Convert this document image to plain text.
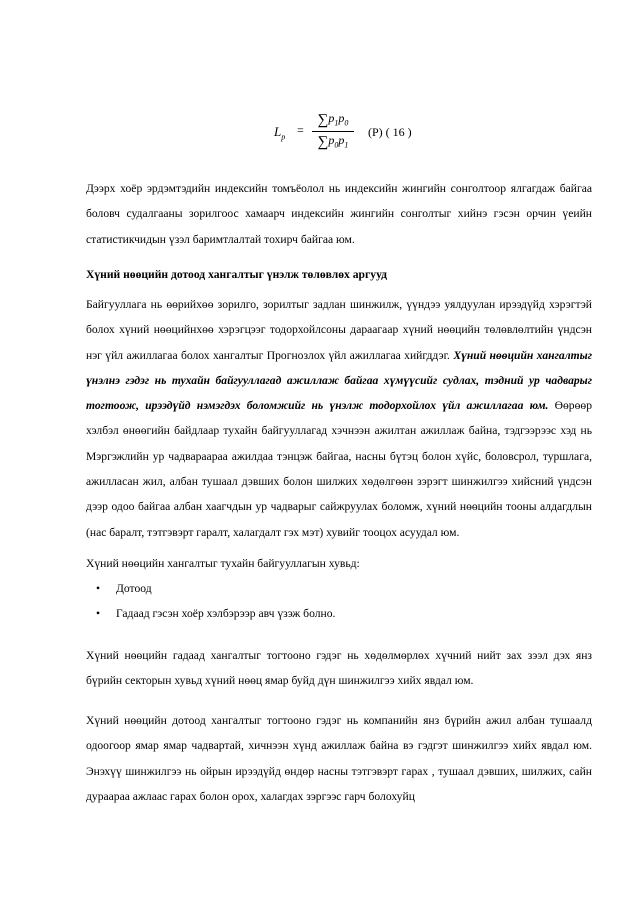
$L_p$
=
$\sum p_1p_0$
$\sum p_0p_1$
(P) ( 16 )

Дээрх хоёр эрдэмтэдийн индексийн томъёолол нь индексийн жингийн сонголтоор ялгагдаж байгаа боловч судалгааны зорилгоос хамаарч индексийн жингийн сонголтыг хийнэ гэсэн орчин үеийн статистикчидын үзэл баримтлалтай тохирч байгаа юм.

Хүний нөөцийн дотоод хангалтыг үнэлж төлөвлөх аргууд

Байгууллага нь өөрийхөө зорилго, зорилтыг задлан шинжилж, үүндээ уялдуулан ирээдүйд хэрэгтэй болох хүний нөөцийнхөө хэрэгцээг тодорхойлсоны дараагаар хүний нөөцийн төлөвлөлтийн үндсэн нэг үйл ажиллагаа болох хангалтыг Прогнозлох үйл ажиллагаа хийгддэг. Хүний нөөцийн хангалтыг үнэлнэ гэдэг нь тухайн байгууллагад ажиллаж байгаа хүмүүсийг судлах, тэдний ур чадварыг тогтоож, ирээдүйд нэмэгдэх боломжийг нь үнэлж тодорхойлох үйл ажиллагаа юм. Өөрөөр хэлбэл өнөөгийн байдлаар тухайн байгууллагад хэчнээн ажилтан ажиллаж байна, тэдгээрээс хэд нь Мэргэжлийн ур чадвараараа ажилдаа тэнцэж байгаа, насны бүтэц болон хүйс, боловсрол, туршлага, ажилласан жил, албан тушаал дэвших болон шилжих хөдөлгөөн зэрэгт шинжилгээ хийсний үндсэн дээр одоо байгаа албан хаагчдын ур чадварыг сайжруулах боломж, хүний нөөцийн тооны алдагдлын (нас баралт, тэтгэвэрт гаралт, халагдалт гэх мэт) хувийг тооцох асуудал юм.

Хүний нөөцийн хангалтыг тухайн байгууллагын хувьд:

• Дотоод
• Гадаад гэсэн хоёр хэлбэрээр авч үзэж болно.

Хүний нөөцийн гадаад хангалтыг тогтооно гэдэг нь хөдөлмөрлөх хүчний нийт зах зээл дэх янз бүрийн секторын хувьд хүний нөөц ямар буйд дүн шинжилгээ хийх явдал юм.

Хүний нөөцийн дотоод хангалтыг тогтооно гэдэг нь компанийн янз бүрийн ажил албан тушаалд одоогоор ямар ямар чадвартай, хичнээн хүнд ажиллаж байна вэ гэдгэт шинжилгээ хийх явдал юм. Энэхүү шинжилгээ нь ойрын ирээдүйд өндөр насны тэтгэвэрт гарах , тушаал дэвших, шилжих, сайн дураараа ажлаас гарах болон орох, халагдах зэргээс гарч болохуйц
